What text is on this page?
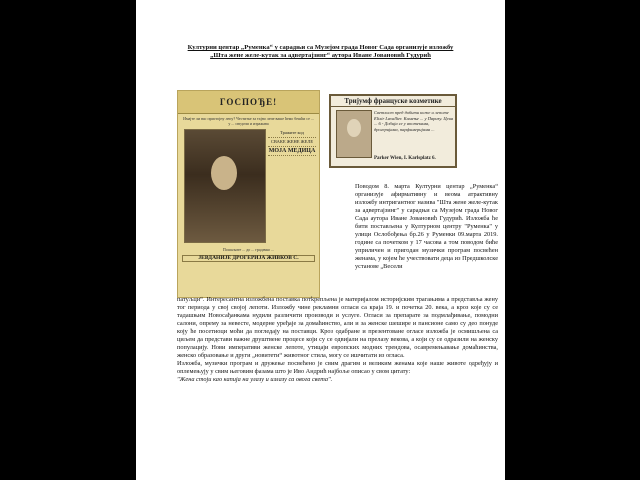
Културни центар „Руменка“ у сарадњи са Музејом града Новог Сада организује изложбу
„Шта жене желе-кутак за адвертајзинг“ аутора Иване Јовановић Гудурић
ГОСПОЂЕ!
Имајте ли вас пристојну лепу? Честитке за тајно лепе ваше ћемо бешћи се ... у ... сведочи и изражава
Тражите код
СВАКЕ ЖЕНЕ ЖЕЛЕ
МОЈА МЕДИЦА
Пошаљите ... до ... градачко ...
ЈЕВДАНИЈЕ ДРОГЕРИЈА ЖИВКОВ С.
Тријумф француске козметике
Светлост пред добити коже и лепоте Elixir Lavallier. Камење ... у Паризу. Цена ... 6 - Добија се у апотекама, дрогеријама, парфимеријама ...
Parker Wien, I. Karlsplatz 6.

Поводом 8. марта Културни центар „Руменка“ организује афирмативну и веома атрактивну изложбу интригантног назива "Шта жене желе-кутак за адвертајзинг" у сарадњи са Музејом града Новог Сада аутора Иване Јовановић Гудурић. Изложба ће бити постављена у Културном центру "Руменка" у улици Ослобођења бр.26 у Руменки 09.марта 2019. године са почетком у 17 часова а том поводом биће уприличен и пригодан музички програм посвећен женама, у којем ће учествовати деца из Предшколске установе „Весели

патуљци“. Интересантна изложбена поставка потkрепљена је материјалом историјским трагањима а представља жену тог периода у свој својој лепоти. Изложбу чине рекламни огласи са краја 19. и почетка 20. века, а кроз које су се тадашњим Новосађанкама нудили различити производи и услуге. Огласи за препарате за подмлађивање, помодни салони, опрему за невесте, модерне уређаје за домаћинство, али и за женске шешире и пансионе само су део понуде коју ће посетиоци моћи да погледају на поставци. Кроз одабране и презентоване огласе изложба је осмишљена са циљем да предстaви важне друштвене процесе који су се одвијали на прелазу векова, а који су се одразили на женску популацију. Нови императиви женске лепоте, утицаји европских модних трендова, осавремењавање домаћинства, женско образовање и други „новитети“ животног стила, могу се ишчитати из огласа.

Изложба, музички програм и дружење посвећено је свим драгим и великим женама које наше животе одређују и оплемењују у свим његовим фазама што је Иво Андрић најбоље описао у свом цитату:

"Жена стоји као капија на улазу и излазу са овога света".
